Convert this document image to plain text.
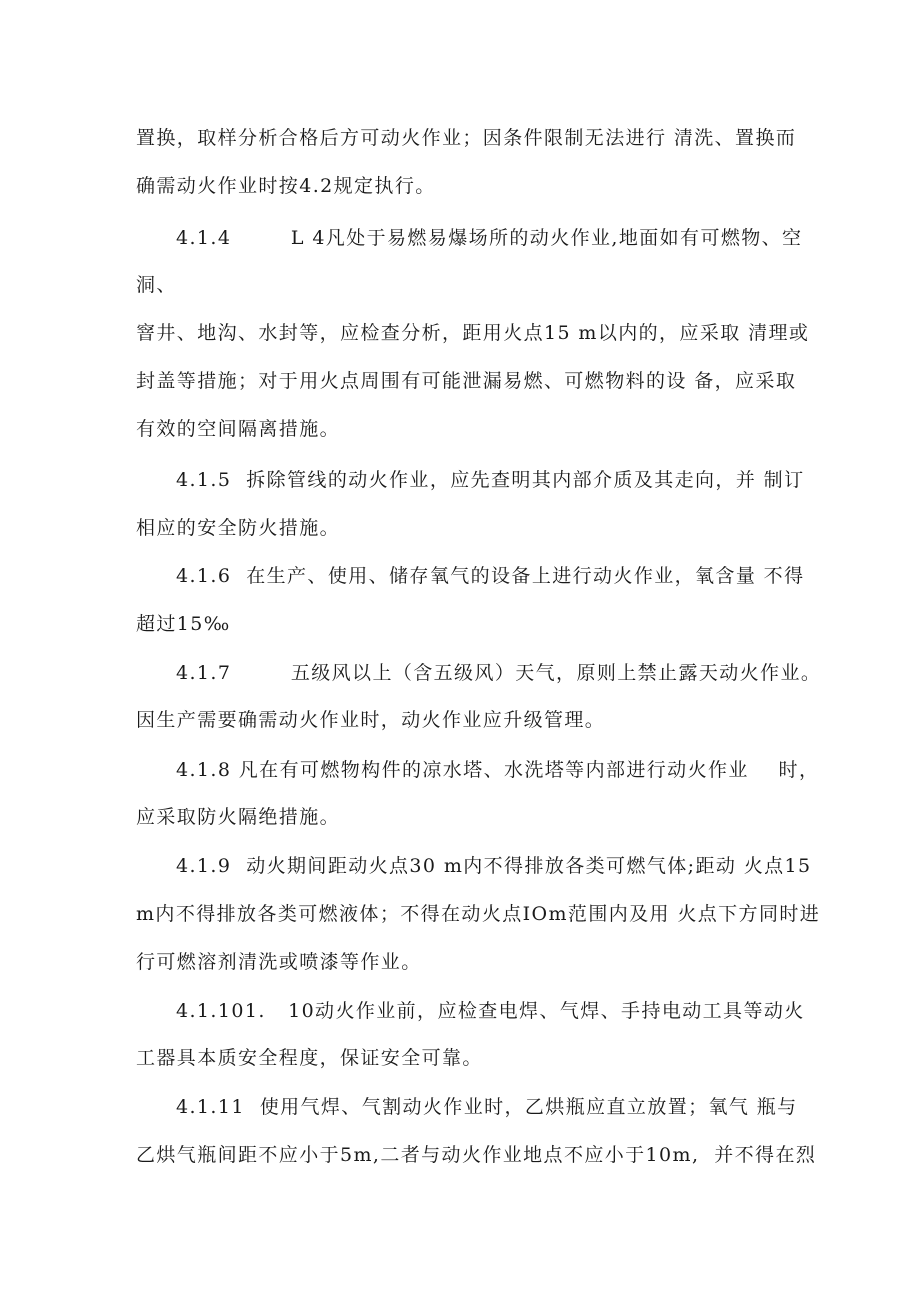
置换，取样分析合格后方可动火作业；因条件限制无法进行 清洗、置换而
确需动火作业时按4.2规定执行。
4.1.4        L 4凡处于易燃易爆场所的动火作业,地面如有可燃物、空
洞、
窨井、地沟、水封等，应检查分析，距用火点15 m以内的，应采取 清理或
封盖等措施；对于用火点周围有可能泄漏易燃、可燃物料的设 备，应采取
有效的空间隔离措施。
4.1.5  拆除管线的动火作业，应先查明其内部介质及其走向，并 制订
相应的安全防火措施。
4.1.6  在生产、使用、储存氧气的设备上进行动火作业，氧含量 不得
超过15‰
4.1.7        五级风以上（含五级风）天气，原则上禁止露天动火作业。
因生产需要确需动火作业时，动火作业应升级管理。
4.1.8 凡在有可燃物构件的凉水塔、水洗塔等内部进行动火作业    时，
应采取防火隔绝措施。
4.1.9  动火期间距动火点30 m内不得排放各类可燃气体;距动 火点15
m内不得排放各类可燃液体；不得在动火点IOm范围内及用 火点下方同时进
行可燃溶剂清洗或喷漆等作业。
4.1.101.   10动火作业前，应检查电焊、气焊、手持电动工具等动火
工器具本质安全程度，保证安全可靠。
4.1.11  使用气焊、气割动火作业时，乙烘瓶应直立放置；氧气 瓶与
乙烘气瓶间距不应小于5m,二者与动火作业地点不应小于10m,  并不得在烈
